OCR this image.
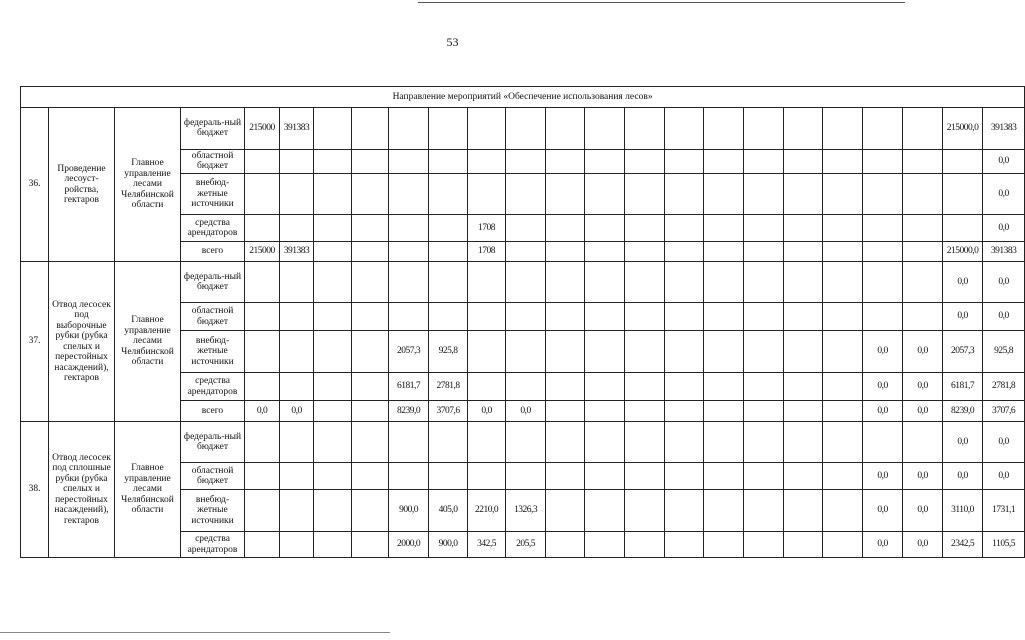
53
Направление мероприятий «Обеспечение использования лесов»																							
36.	Проведение лесоуст-ройства, гектаров	Главное управление лесами Челябинской области	федераль-ный бюджет	215000	391383																	215000,0	391383
			областной бюджет																				0,0
			внебюд-жетные источники																				0,0
			средства арендаторов							1708													0,0
			всего	215000	391383					1708												215000,0	391383
37.	Отвод лесосек под выборочные рубки (рубка спелых и перестойных насаждений), гектаров	Главное управление лесами Челябинской области	федераль-ный бюджет																			0,0	0,0
			областной бюджет																			0,0	0,0
			внебюд-жетные источники					2057,3	925,8											0,0	0,0	2057,3	925,8
			средства арендаторов					6181,7	2781,8											0,0	0,0	6181,7	2781,8
			всего	0,0	0,0			8239,0	3707,6	0,0	0,0									0,0	0,0	8239,0	3707,6
38.	Отвод лесосек под сплошные рубки (рубка спелых и перестойных насаждений), гектаров	Главное управление лесами Челябинской области	федераль-ный бюджет																			0,0	0,0
			областной бюджет																	0,0	0,0	0,0	0,0
			внебюд-жетные источники					900,0	405,0	2210,0	1326,3									0,0	0,0	3110,0	1731,1
			средства арендаторов					2000,0	900,0	342,5	205,5									0,0	0,0	2342,5	1105,5
